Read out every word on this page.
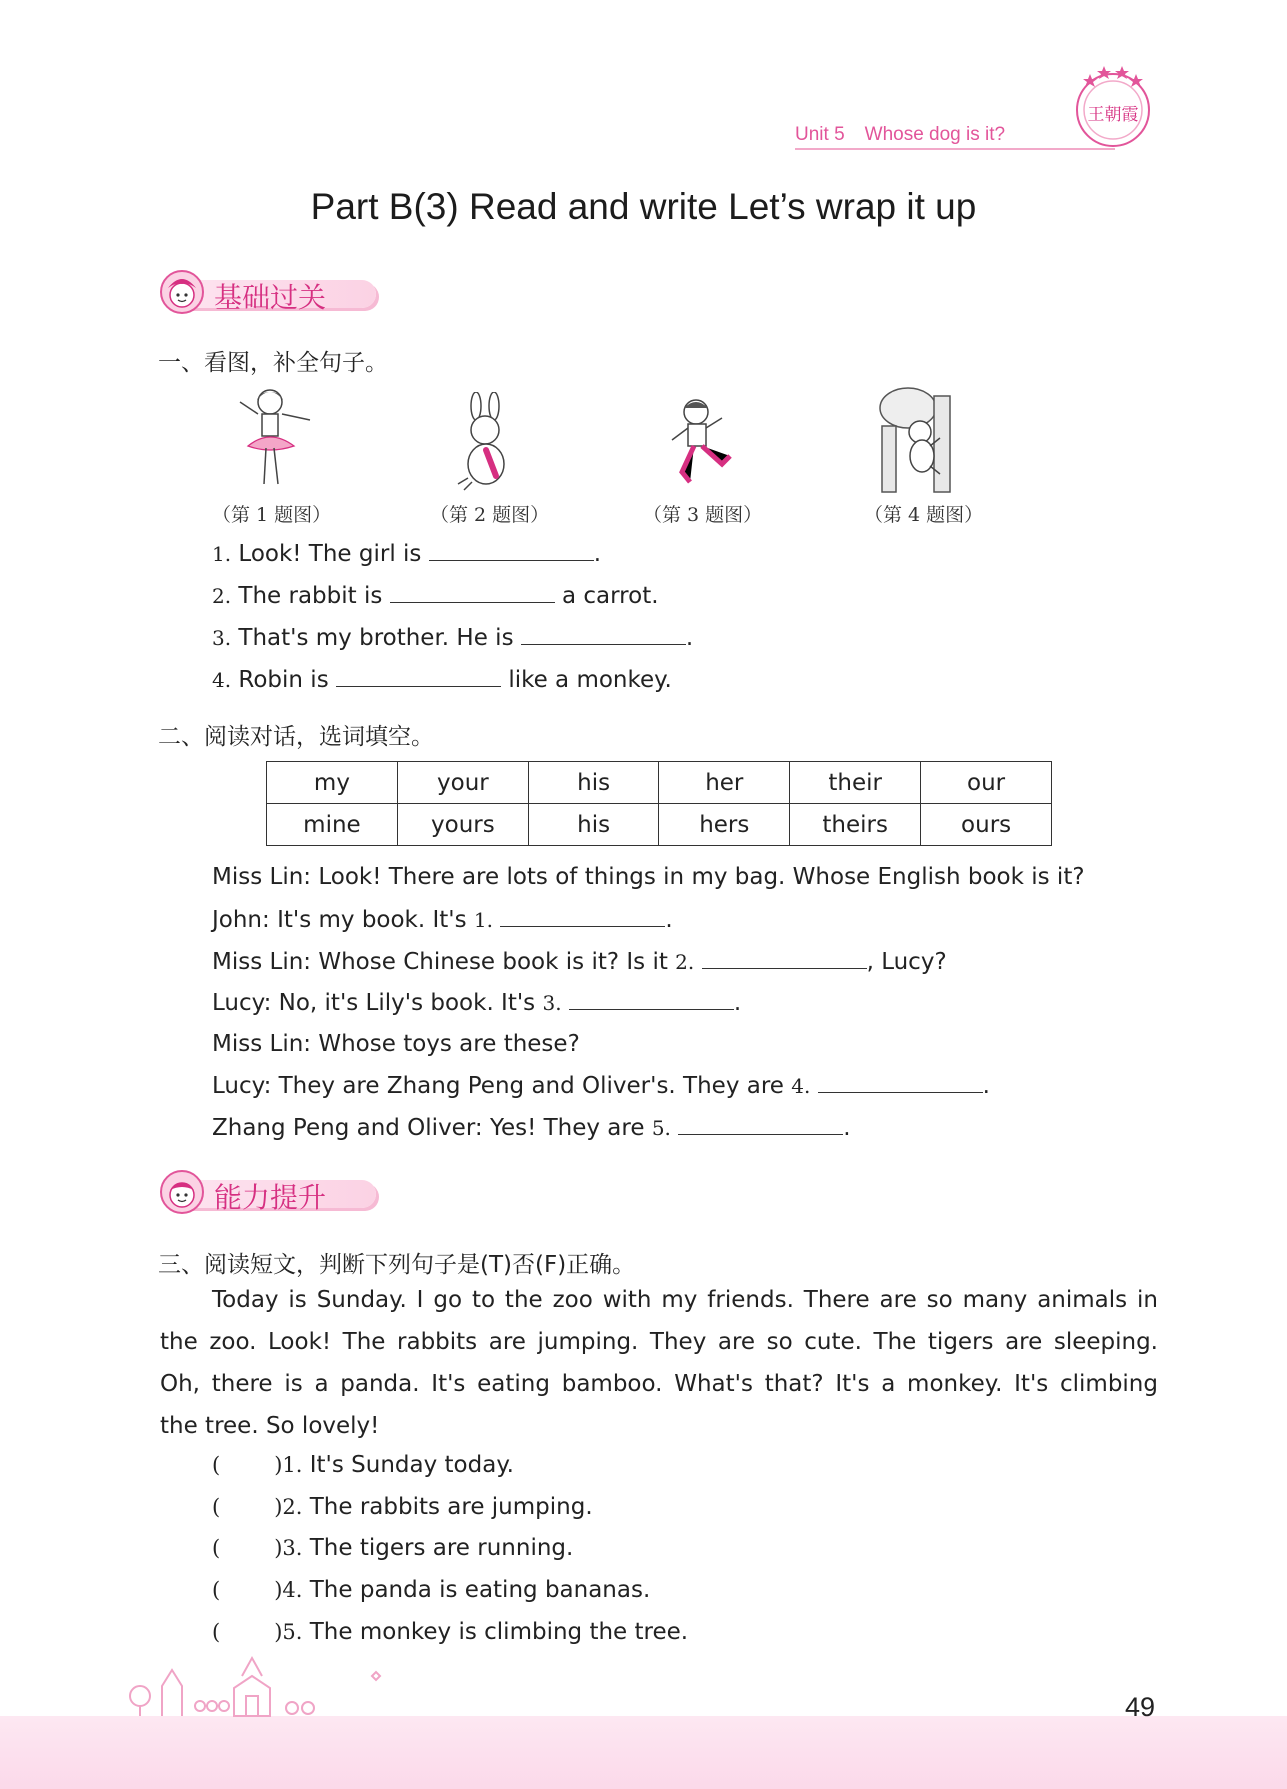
Unit 5 Whose dog is it?
王朝霞
Part B(3) Read and write Let’s wrap it up
基础过关
一、看图，补全句子。
（第 1 题图）	（第 2 题图）	（第 3 题图）	（第 4 题图）
1. Look! The girl is	.
2. The rabbit is	a carrot.
3. That's my brother. He is	.
4. Robin is	like a monkey.
二、阅读对话，选词填空。
my	your	his	her	their	our
mine	yours	his	hers	theirs	ours
Miss Lin: Look! There are lots of things in my bag. Whose English book is it?
John: It's my book. It's 1.	.
Miss Lin: Whose Chinese book is it? Is it 2.	, Lucy?
Lucy: No, it's Lily's book. It's 3.	.
Miss Lin: Whose toys are these?
Lucy: They are Zhang Peng and Oliver's. They are 4.	.
Zhang Peng and Oliver: Yes! They are 5.	.
能力提升
三、阅读短文，判断下列句子是(T)否(F)正确。
Today is Sunday. I go to the zoo with my friends. There are so many animals in
the zoo. Look! The rabbits are jumping. They are so cute. The tigers are sleeping.
Oh, there is a panda. It's eating bamboo. What's that? It's a monkey. It's climbing
the tree. So lovely!
(	)1. It's Sunday today.
(	)2. The rabbits are jumping.
(	)3. The tigers are running.
(	)4. The panda is eating bananas.
(	)5. The monkey is climbing the tree.
49
